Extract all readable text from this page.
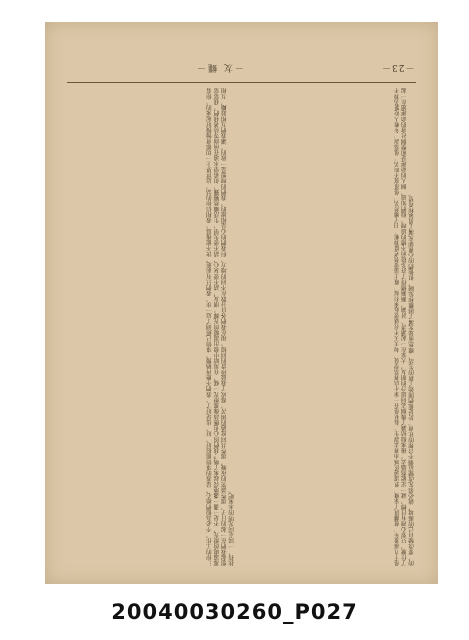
－23－
－友 蠅－
…你的工作，不必為他們擔心，是我的事情都很好，好，也是好了。我們不應再猶豫，事情已經到了這一步，我們只有前進，決不能後退。我相信你的話，這世界上一切都會慢慢好起來的。你看那遠處的燈光，不是一盞一盞地亮起來了嗎？我們的心也應該像那燈光一樣，在黑暗中發出溫暖的光輝。朋友，請不要灰心，請不要失望，生活雖然艱難，但希望永遠在前面等待著我們。我常常想起我們在一起的日子，那些談笑的夜晚，那些共同度過的困苦，都成了我最珍貴的回憶。現在我們各自分散在不同的地方，但我們的心是相連的，我們的理想是一致的。讓我們互相鼓勵，互相扶持，一同走向光明的未來吧。	他十九歲那年，便離開了家鄉，到遙遠的城市裡去謀生。起初他在一家小店裡當學徒，每天天不亮就要起來打掃，晚上還要替老闆算帳。日子雖然苦，他卻從不叫苦。他常說，年輕人吃點苦算不了什麼，只要心裡有目標，就一定能熬過去。後來他結識了幾個志同道合的朋友，大家在一起讀書、討論，漸漸懂得了許多從前不懂的道理。他們知道，個人的命運是和整個社會的命運連在一起的，要改變自己的處境，就必須先改變這個不合理的社會。於是他們開始了新的生活，雖然前途充滿了困難和危險，但他們的心裡卻充滿了勇氣和希望。
20040030260_P027
